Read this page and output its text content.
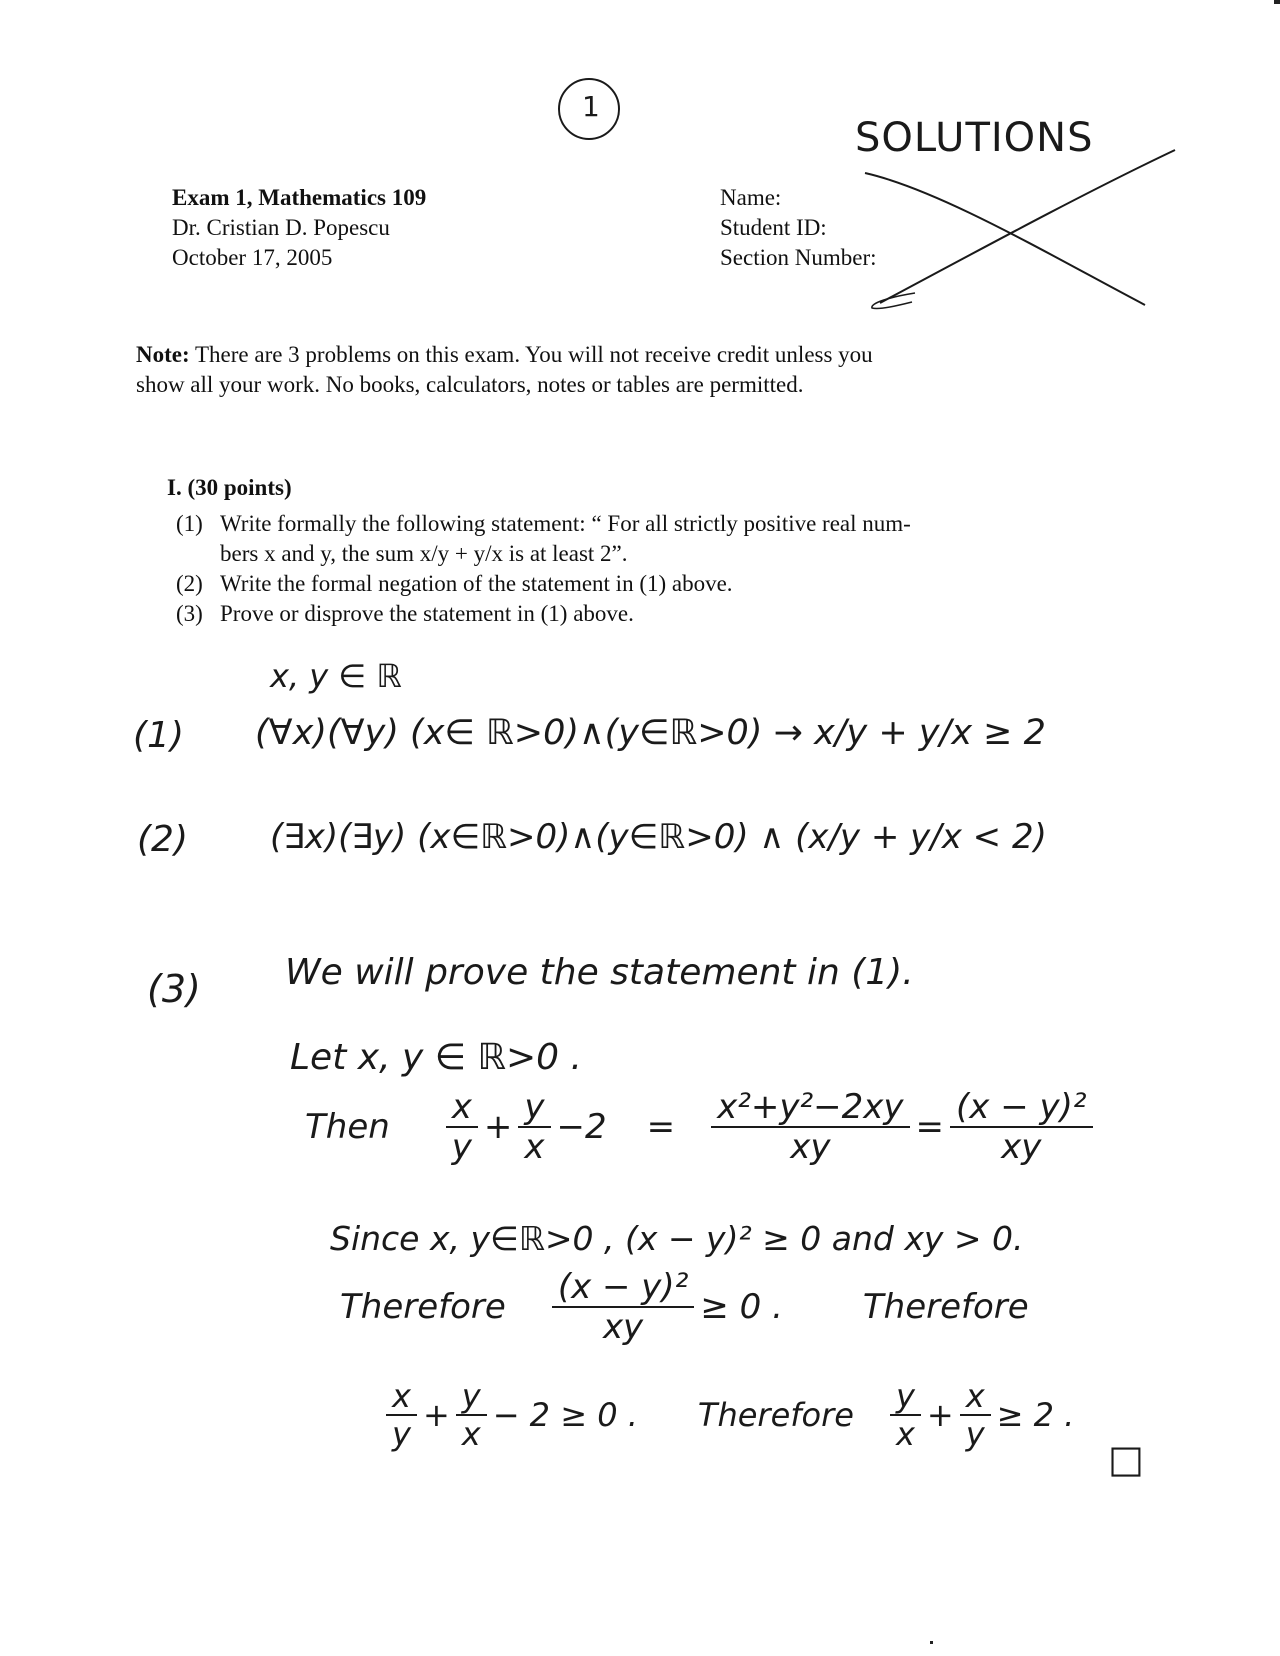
1
SOLUTIONS
Exam 1, Mathematics 109
Dr. Cristian D. Popescu
October 17, 2005
Name:
Student ID:
Section Number:
Note: There are 3 problems on this exam. You will not receive credit unless you
show all your work. No books, calculators, notes or tables are permitted.
I. (30 points)
(1) Write formally the following statement: “ For all strictly positive real num-
bers x and y, the sum x/y + y/x is at least 2”.
(2) Write the formal negation of the statement in (1) above.
(3) Prove or disprove the statement in (1) above.
x, y ∈ ℝ
(1) (∀x)(∀y) (x∈ ℝ>0)∧(y∈ℝ>0) → x/y + y/x ≥ 2
(2) (∃x)(∃y) (x∈ℝ>0)∧(y∈ℝ>0) ∧ (x/y + y/x < 2)
(3) We will prove the statement in (1).
Let x, y ∈ ℝ>0 .
Then $\frac{x}{y} + \frac{y}{x} -2 = \frac{\text{x²+y²−2xy}}{xy} = \frac{\text{(x − y)²}}{xy}$
Since x, y∈ℝ>0 , (x − y)² ≥ 0 and xy > 0.
Therefore $\frac{\text{(x − y)²}}{xy} \ge 0$ . Therefore
$\frac{x}{y} + \frac{y}{x} - 2 \ge 0$ . Therefore $\frac{y}{x} + \frac{x}{y} \ge 2$ .
□
